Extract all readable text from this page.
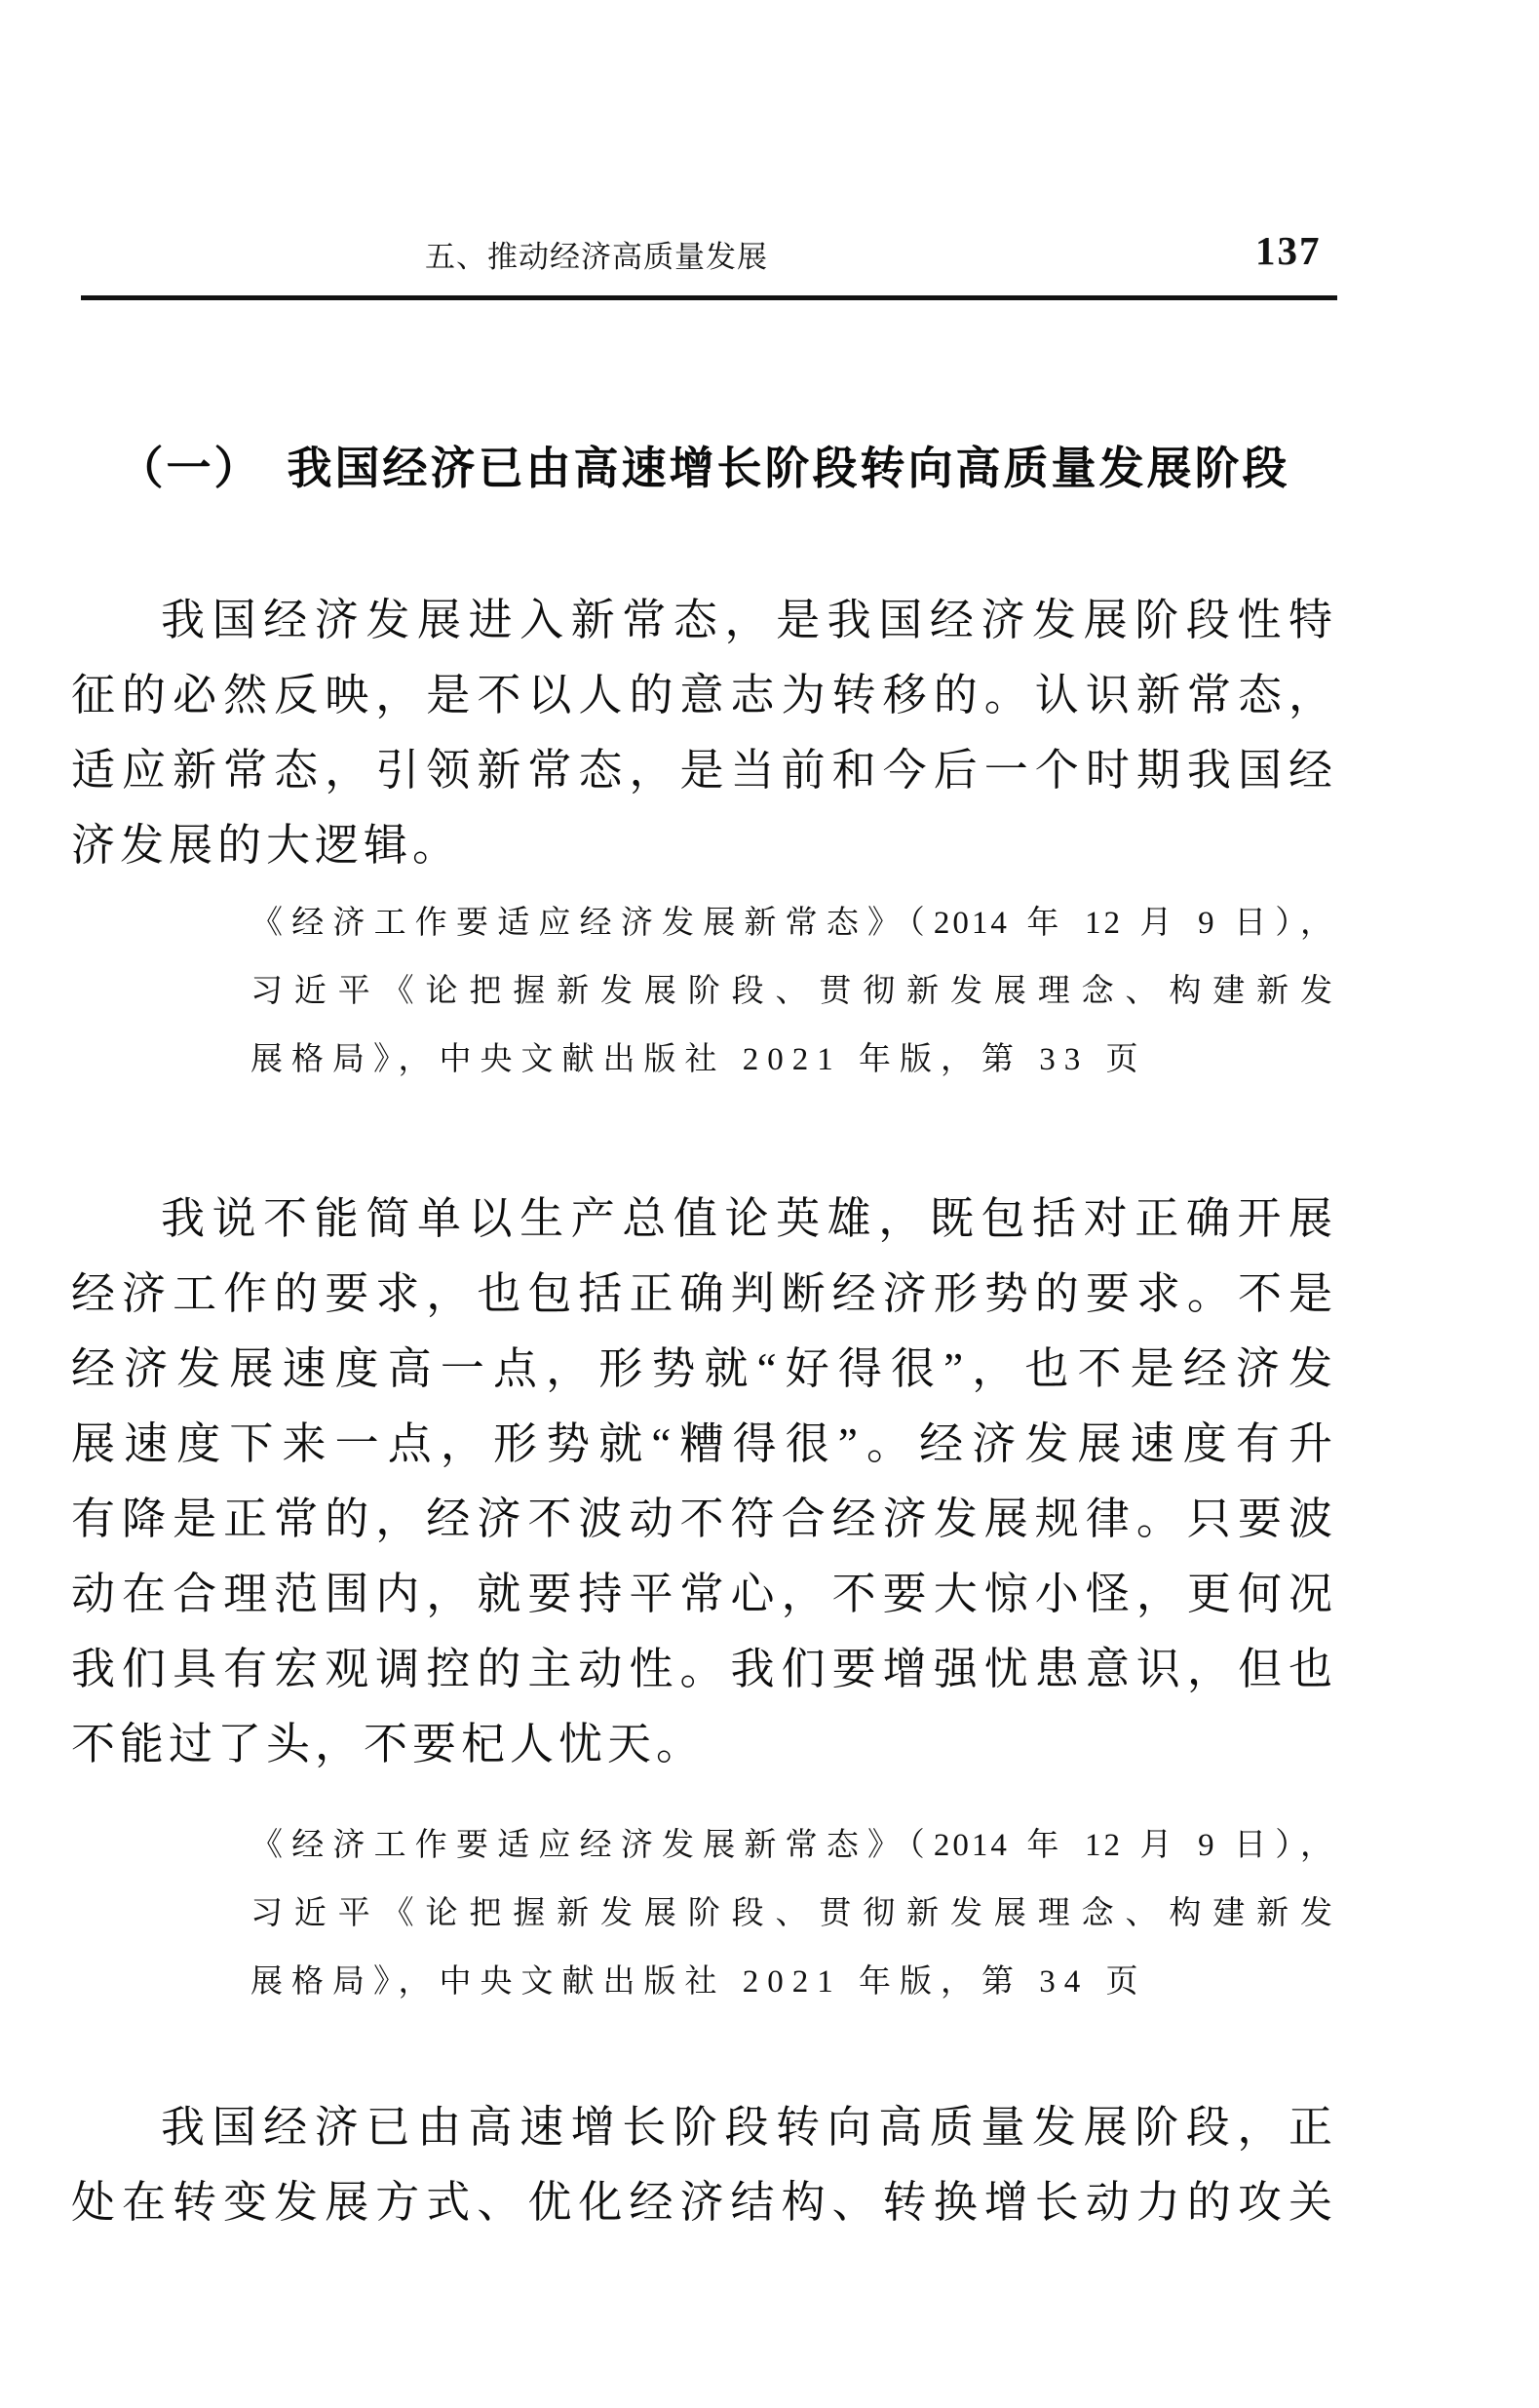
五、推动经济高质量发展	137
（一）　我国经济已由高速增长阶段转向高质量发展阶段
我国经济发展进入新常态，是我国经济发展阶段性特
征的必然反映，是不以人的意志为转移的。认识新常态，
适应新常态，引领新常态，是当前和今后一个时期我国经
济发展的大逻辑。
《经济工作要适应经济发展新常态》（2014 年 12 月 9 日），
习近平《论把握新发展阶段、贯彻新发展理念、构建新发
展格局》，中央文献出版社 2021 年版，第 33 页
我说不能简单以生产总值论英雄，既包括对正确开展
经济工作的要求，也包括正确判断经济形势的要求。不是
经济发展速度高一点，形势就“好得很”，也不是经济发
展速度下来一点，形势就“糟得很”。经济发展速度有升
有降是正常的，经济不波动不符合经济发展规律。只要波
动在合理范围内，就要持平常心，不要大惊小怪，更何况
我们具有宏观调控的主动性。我们要增强忧患意识，但也
不能过了头，不要杞人忧天。
《经济工作要适应经济发展新常态》（2014 年 12 月 9 日），
习近平《论把握新发展阶段、贯彻新发展理念、构建新发
展格局》，中央文献出版社 2021 年版，第 34 页
我国经济已由高速增长阶段转向高质量发展阶段，正
处在转变发展方式、优化经济结构、转换增长动力的攻关
